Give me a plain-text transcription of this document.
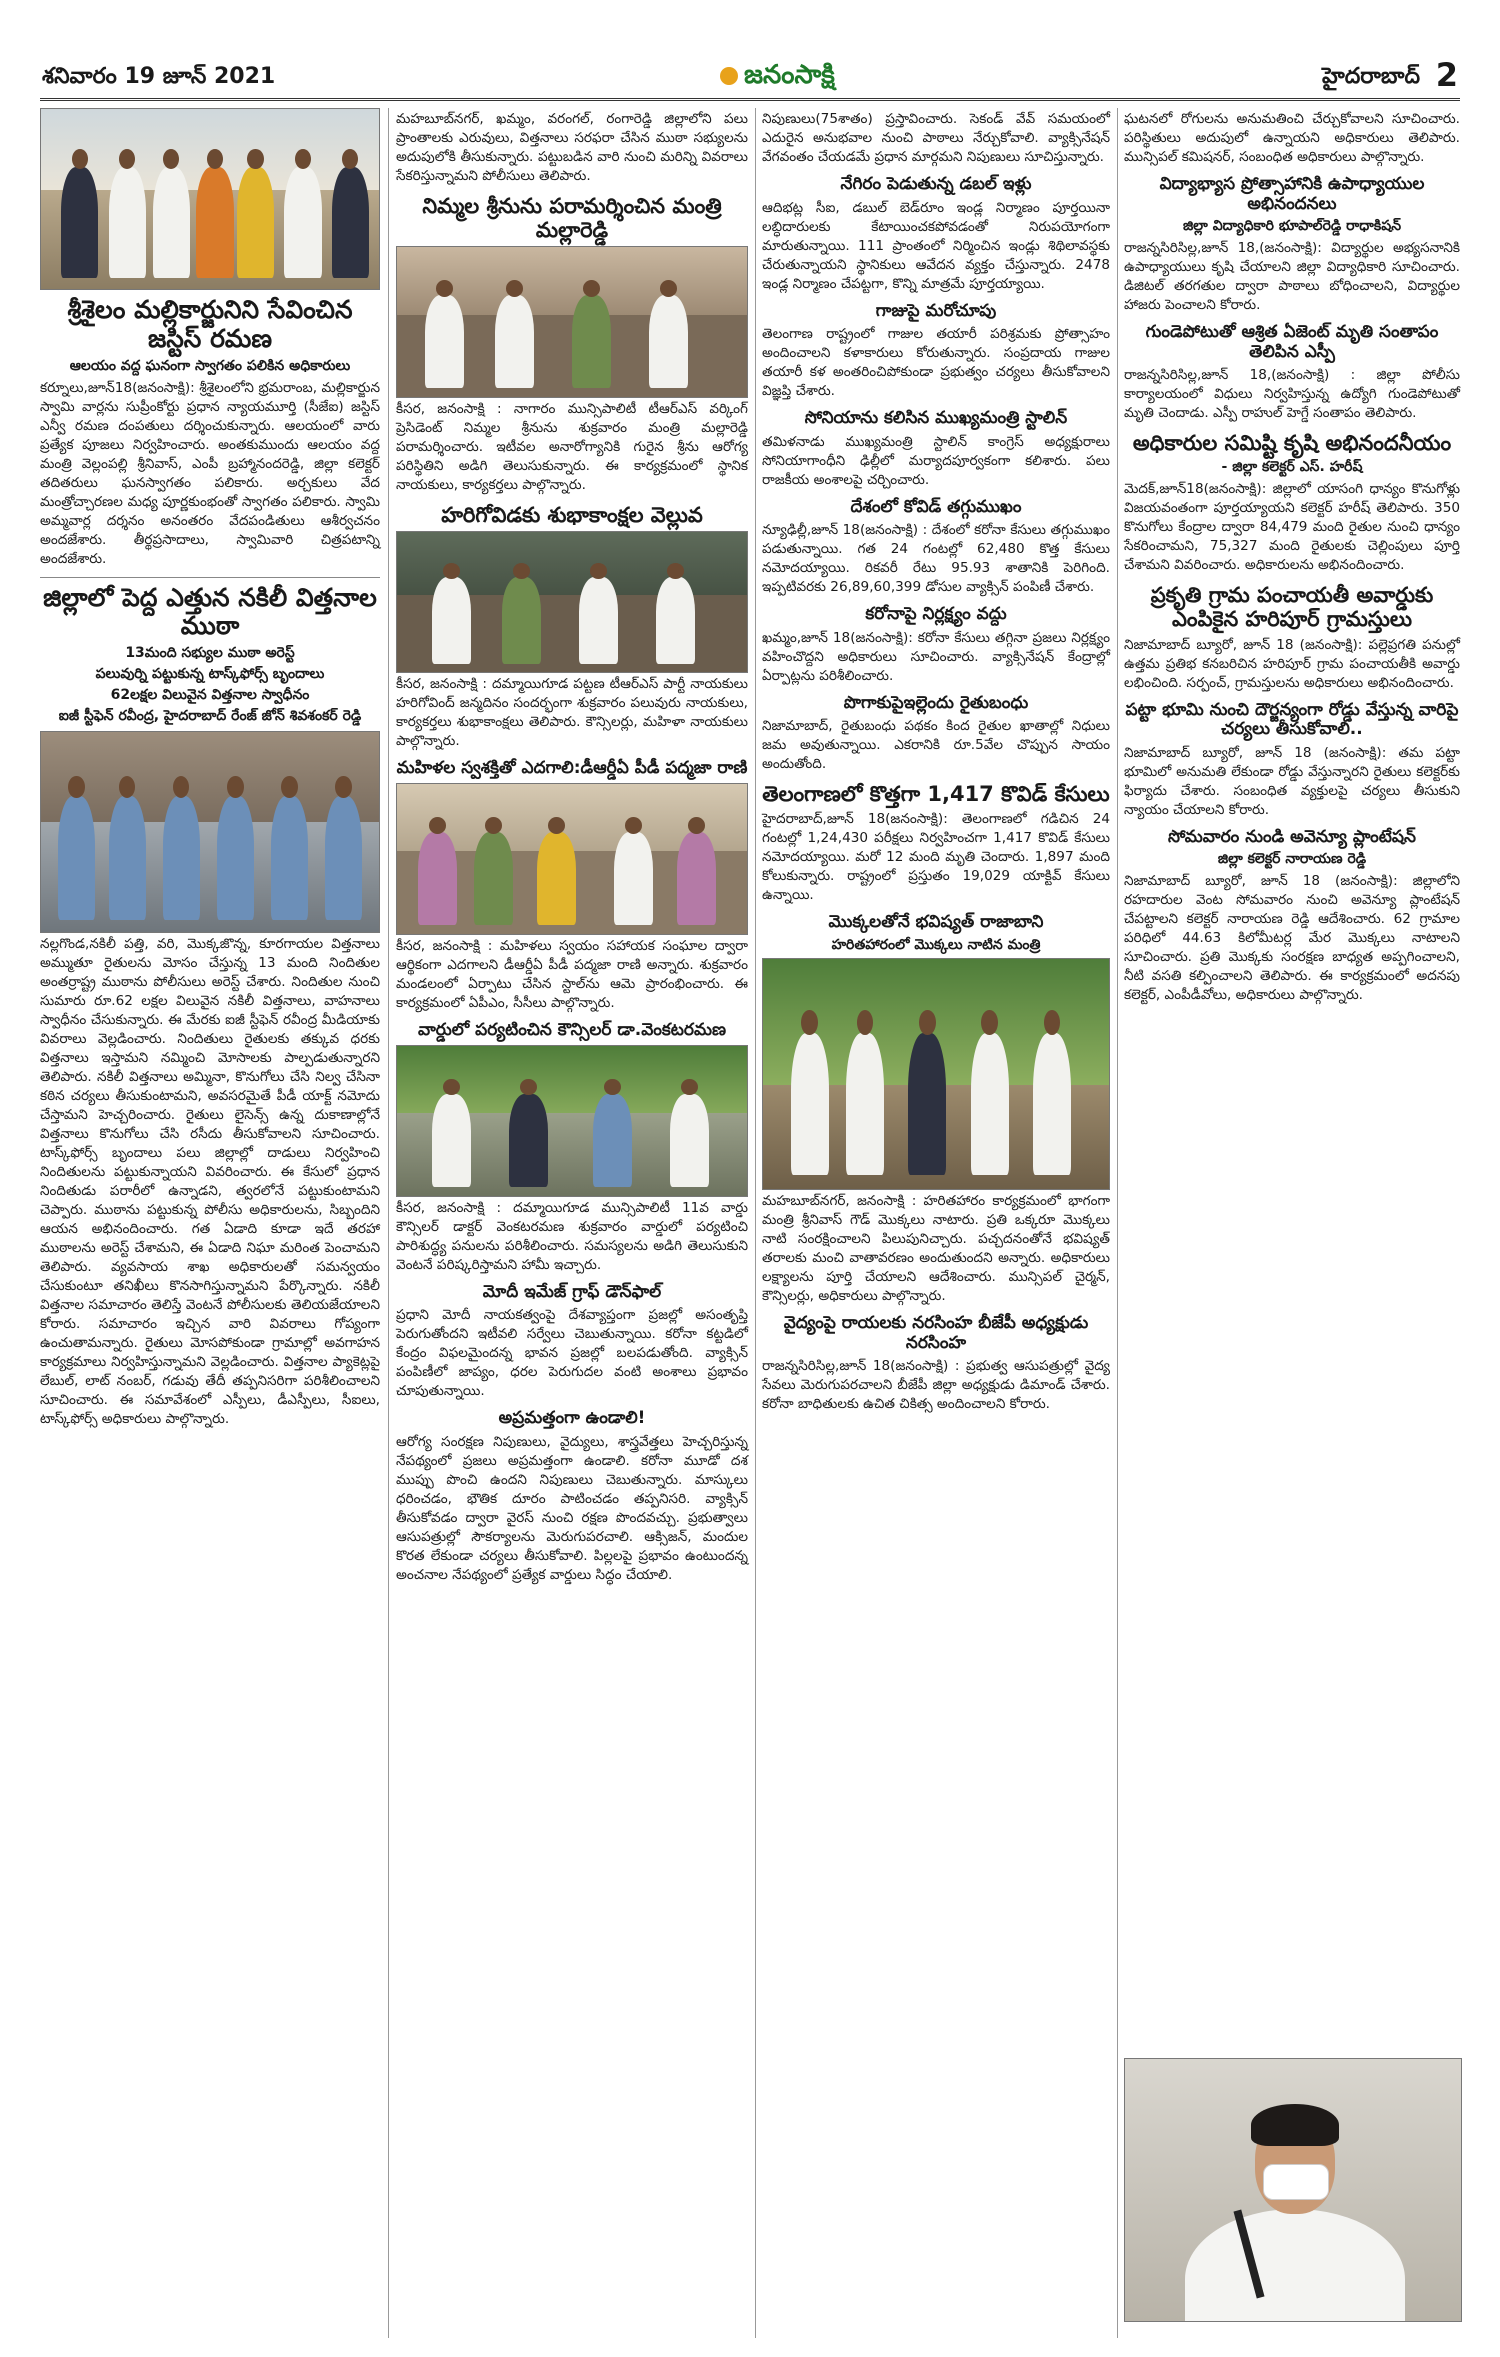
శనివారం 19 జూన్ 2021	జనంసాక్షి	హైదరాబాద్ 2
శ్రీశైలం మల్లికార్జునిని సేవించిన జస్టిస్‌ రమణ
ఆలయం వద్ద ఘనంగా స్వాగతం పలికిన అధికారులు
కర్నూలు,జూన్‌18(జనంసాక్షి): శ్రీశైలంలోని భ్రమరాంబ, మల్లికార్జున స్వామి వార్లను సుప్రీంకోర్టు ప్రధాన న్యాయమూర్తి (సీజేఐ) జస్టిస్‌ ఎన్వీ రమణ దంపతులు దర్శించుకున్నారు. ఆలయంలో వారు ప్రత్యేక పూజలు నిర్వహించారు. అంతకుముందు ఆలయం వద్ద మంత్రి వెల్లంపల్లి శ్రీనివాస్‌, ఎంపీ బ్రహ్మానందరెడ్డి, జిల్లా కలెక్టర్‌ తదితరులు ఘనస్వాగతం పలికారు. అర్చకులు వేద మంత్రోచ్చారణల మధ్య పూర్ణకుంభంతో స్వాగతం పలికారు. స్వామి అమ్మవార్ల దర్శనం అనంతరం వేదపండితులు ఆశీర్వచనం అందజేశారు. తీర్థప్రసాదాలు, స్వామివారి చిత్రపటాన్ని అందజేశారు.
జిల్లాలో పెద్ద ఎత్తున నకిలీ విత్తనాల ముఠా
13మంది సభ్యుల ముఠా అరెస్ట్‌
పలువుర్ని పట్టుకున్న టాస్క్‌ఫోర్స్‌ బృందాలు
62లక్షల విలువైన విత్తనాల స్వాధీనం
ఐజీ స్టీఫెన్‌ రవీంద్ర, హైదరాబాద్‌ రేంజ్‌ జోన్‌ శివశంకర్‌ రెడ్డి
నల్లగొండ,నకిలీ పత్తి, వరి, మొక్కజొన్న, కూరగాయల విత్తనాలు అమ్ముతూ రైతులను మోసం చేస్తున్న 13 మంది నిందితుల అంతర్రాష్ట్ర ముఠాను పోలీసులు అరెస్ట్‌ చేశారు. నిందితుల నుంచి సుమారు రూ.62 లక్షల విలువైన నకిలీ విత్తనాలు, వాహనాలు స్వాధీనం చేసుకున్నారు. ఈ మేరకు ఐజీ స్టీఫెన్‌ రవీంద్ర మీడియాకు వివరాలు వెల్లడించారు. నిందితులు రైతులకు తక్కువ ధరకు విత్తనాలు ఇస్తామని నమ్మించి మోసాలకు పాల్పడుతున్నారని తెలిపారు. నకిలీ విత్తనాలు అమ్మినా, కొనుగోలు చేసి నిల్వ చేసినా కఠిన చర్యలు తీసుకుంటామని, అవసరమైతే పీడీ యాక్ట్‌ నమోదు చేస్తామని హెచ్చరించారు. రైతులు లైసెన్స్‌ ఉన్న దుకాణాల్లోనే విత్తనాలు కొనుగోలు చేసి రసీదు తీసుకోవాలని సూచించారు. టాస్క్‌ఫోర్స్‌ బృందాలు పలు జిల్లాల్లో దాడులు నిర్వహించి నిందితులను పట్టుకున్నాయని వివరించారు. ఈ కేసులో ప్రధాన నిందితుడు పరారీలో ఉన్నాడని, త్వరలోనే పట్టుకుంటామని చెప్పారు. ముఠాను పట్టుకున్న పోలీసు అధికారులను, సిబ్బందిని ఆయన అభినందించారు. గత ఏడాది కూడా ఇదే తరహా ముఠాలను అరెస్ట్‌ చేశామని, ఈ ఏడాది నిఘా మరింత పెంచామని తెలిపారు. వ్యవసాయ శాఖ అధికారులతో సమన్వయం చేసుకుంటూ తనిఖీలు కొనసాగిస్తున్నామని పేర్కొన్నారు. నకిలీ విత్తనాల సమాచారం తెలిస్తే వెంటనే పోలీసులకు తెలియజేయాలని కోరారు. సమాచారం ఇచ్చిన వారి వివరాలు గోప్యంగా ఉంచుతామన్నారు. రైతులు మోసపోకుండా గ్రామాల్లో అవగాహన కార్యక్రమాలు నిర్వహిస్తున్నామని వెల్లడించారు. విత్తనాల ప్యాకెట్లపై లేబుల్‌, లాట్‌ నంబర్‌, గడువు తేదీ తప్పనిసరిగా పరిశీలించాలని సూచించారు. ఈ సమావేశంలో ఎస్పీలు, డీఎస్పీలు, సీఐలు, టాస్క్‌ఫోర్స్‌ అధికారులు పాల్గొన్నారు.
మహబూబ్‌నగర్‌, ఖమ్మం, వరంగల్‌, రంగారెడ్డి జిల్లాలోని పలు ప్రాంతాలకు ఎరువులు, విత్తనాలు సరఫరా చేసిన ముఠా సభ్యులను అదుపులోకి తీసుకున్నారు. పట్టుబడిన వారి నుంచి మరిన్ని వివరాలు సేకరిస్తున్నామని పోలీసులు తెలిపారు.
నిమ్మల శ్రీనును పరామర్శించిన మంత్రి మల్లారెడ్డి
కీసర, జనంసాక్షి : నాగారం మున్సిపాలిటీ టీఆర్‌ఎస్‌ వర్కింగ్‌ ప్రెసిడెంట్‌ నిమ్మల శ్రీనును శుక్రవారం మంత్రి మల్లారెడ్డి పరామర్శించారు. ఇటీవల అనారోగ్యానికి గురైన శ్రీను ఆరోగ్య పరిస్థితిని అడిగి తెలుసుకున్నారు. ఈ కార్యక్రమంలో స్థానిక నాయకులు, కార్యకర్తలు పాల్గొన్నారు.
హరిగోవిడకు శుభాకాంక్షల వెల్లువ
కీసర, జనంసాక్షి : దమ్మాయిగూడ పట్టణ టీఆర్‌ఎస్‌ పార్టీ నాయకులు హరిగోవింద్‌ జన్మదినం సందర్భంగా శుక్రవారం పలువురు నాయకులు, కార్యకర్తలు శుభాకాంక్షలు తెలిపారు. కౌన్సిలర్లు, మహిళా నాయకులు పాల్గొన్నారు.
మహిళల స్వశక్తితో ఎదగాలి:డీఆర్డీఏ పీడీ పద్మజా రాణి
కీసర, జనంసాక్షి : మహిళలు స్వయం సహాయక సంఘాల ద్వారా ఆర్థికంగా ఎదగాలని డీఆర్డీఏ పీడీ పద్మజా రాణి అన్నారు. శుక్రవారం మండలంలో ఏర్పాటు చేసిన స్టాల్‌ను ఆమె ప్రారంభించారు. ఈ కార్యక్రమంలో ఏపీఎం, సీసీలు పాల్గొన్నారు.
వార్డులో పర్యటించిన కౌన్సిలర్‌ డా.వెంకటరమణ
కీసర, జనంసాక్షి : దమ్మాయిగూడ మున్సిపాలిటీ 11వ వార్డు కౌన్సిలర్‌ డాక్టర్‌ వెంకటరమణ శుక్రవారం వార్డులో పర్యటించి పారిశుద్ధ్య పనులను పరిశీలించారు. సమస్యలను అడిగి తెలుసుకుని వెంటనే పరిష్కరిస్తామని హామీ ఇచ్చారు.
మోదీ ఇమేజ్‌ గ్రాఫ్‌ డౌన్‌ఫాల్‌
ప్రధాని మోదీ నాయకత్వంపై దేశవ్యాప్తంగా ప్రజల్లో అసంతృప్తి పెరుగుతోందని ఇటీవలి సర్వేలు చెబుతున్నాయి. కరోనా కట్టడిలో కేంద్రం విఫలమైందన్న భావన ప్రజల్లో బలపడుతోంది. వ్యాక్సిన్‌ పంపిణీలో జాప్యం, ధరల పెరుగుదల వంటి అంశాలు ప్రభావం చూపుతున్నాయి.
అప్రమత్తంగా ఉండాలి!
ఆరోగ్య సంరక్షణ నిపుణులు, వైద్యులు, శాస్త్రవేత్తలు హెచ్చరిస్తున్న నేపథ్యంలో ప్రజలు అప్రమత్తంగా ఉండాలి. కరోనా మూడో దశ ముప్పు పొంచి ఉందని నిపుణులు చెబుతున్నారు. మాస్కులు ధరించడం, భౌతిక దూరం పాటించడం తప్పనిసరి. వ్యాక్సిన్‌ తీసుకోవడం ద్వారా వైరస్‌ నుంచి రక్షణ పొందవచ్చు. ప్రభుత్వాలు ఆసుపత్రుల్లో సౌకర్యాలను మెరుగుపరచాలి. ఆక్సిజన్‌, మందుల కొరత లేకుండా చర్యలు తీసుకోవాలి. పిల్లలపై ప్రభావం ఉంటుందన్న అంచనాల నేపథ్యంలో ప్రత్యేక వార్డులు సిద్ధం చేయాలి.
నిపుణులు(75శాతం) ప్రస్తావించారు. సెకండ్‌ వేవ్‌ సమయంలో ఎదురైన అనుభవాల నుంచి పాఠాలు నేర్చుకోవాలి. వ్యాక్సినేషన్‌ వేగవంతం చేయడమే ప్రధాన మార్గమని నిపుణులు సూచిస్తున్నారు.
నేగిరం పెడుతున్న డబల్‌ ఇళ్లు
ఆదిభట్ల సీఐ, డబుల్‌ బెడ్‌రూం ఇండ్ల నిర్మాణం పూర్తయినా లబ్ధిదారులకు కేటాయించకపోవడంతో నిరుపయోగంగా మారుతున్నాయి. 111 ప్రాంతంలో నిర్మించిన ఇండ్లు శిథిలావస్థకు చేరుతున్నాయని స్థానికులు ఆవేదన వ్యక్తం చేస్తున్నారు. 2478 ఇండ్ల నిర్మాణం చేపట్టగా, కొన్ని మాత్రమే పూర్తయ్యాయి.
గాజుపై మరోచూపు
తెలంగాణ రాష్ట్రంలో గాజుల తయారీ పరిశ్రమకు ప్రోత్సాహం అందించాలని కళాకారులు కోరుతున్నారు. సంప్రదాయ గాజుల తయారీ కళ అంతరించిపోకుండా ప్రభుత్వం చర్యలు తీసుకోవాలని విజ్ఞప్తి చేశారు.
సోనియాను కలిసిన ముఖ్యమంత్రి స్టాలిన్‌
తమిళనాడు ముఖ్యమంత్రి స్టాలిన్‌ కాంగ్రెస్‌ అధ్యక్షురాలు సోనియాగాంధీని ఢిల్లీలో మర్యాదపూర్వకంగా కలిశారు. పలు రాజకీయ అంశాలపై చర్చించారు.
దేశంలో కోవిడ్‌ తగ్గుముఖం
న్యూఢిల్లీ,జూన్‌ 18(జనంసాక్షి) : దేశంలో కరోనా కేసులు తగ్గుముఖం పడుతున్నాయి. గత 24 గంటల్లో 62,480 కొత్త కేసులు నమోదయ్యాయి. రికవరీ రేటు 95.93 శాతానికి పెరిగింది. ఇప్పటివరకు 26,89,60,399 డోసుల వ్యాక్సిన్‌ పంపిణీ చేశారు.
కరోనాపై నిర్లక్ష్యం వద్దు
ఖమ్మం,జూన్‌ 18(జనంసాక్షి): కరోనా కేసులు తగ్గినా ప్రజలు నిర్లక్ష్యం వహించొద్దని అధికారులు సూచించారు. వ్యాక్సినేషన్‌ కేంద్రాల్లో ఏర్పాట్లను పరిశీలించారు.
పొగాకుపైఇల్లెందు రైతుబంధు
నిజామాబాద్‌, రైతుబంధు పథకం కింద రైతుల ఖాతాల్లో నిధులు జమ అవుతున్నాయి. ఎకరానికి రూ.5వేల చొప్పున సాయం అందుతోంది.
తెలంగాణలో కొత్తగా 1,417 కొవిడ్‌ కేసులు
హైదరాబాద్‌,జూన్‌ 18(జనంసాక్షి): తెలంగాణలో గడిచిన 24 గంటల్లో 1,24,430 పరీక్షలు నిర్వహించగా 1,417 కొవిడ్‌ కేసులు నమోదయ్యాయి. మరో 12 మంది మృతి చెందారు. 1,897 మంది కోలుకున్నారు. రాష్ట్రంలో ప్రస్తుతం 19,029 యాక్టివ్‌ కేసులు ఉన్నాయి.
మొక్కలతోనే భవిష్యత్‌ రాజాబాని
హరితహారంలో మొక్కలు నాటిన మంత్రి
మహబూబ్‌నగర్‌, జనంసాక్షి : హరితహారం కార్యక్రమంలో భాగంగా మంత్రి శ్రీనివాస్‌ గౌడ్‌ మొక్కలు నాటారు. ప్రతి ఒక్కరూ మొక్కలు నాటి సంరక్షించాలని పిలుపునిచ్చారు. పచ్చదనంతోనే భవిష్యత్‌ తరాలకు మంచి వాతావరణం అందుతుందని అన్నారు. అధికారులు లక్ష్యాలను పూర్తి చేయాలని ఆదేశించారు. మున్సిపల్‌ చైర్మన్‌, కౌన్సిలర్లు, అధికారులు పాల్గొన్నారు.
వైద్యంపై రాయలకు నరసింహ బీజేపీ అధ్యక్షుడు నరసింహ
రాజన్నసిరిసిల్ల,జూన్‌ 18(జనంసాక్షి) : ప్రభుత్వ ఆసుపత్రుల్లో వైద్య సేవలు మెరుగుపరచాలని బీజేపీ జిల్లా అధ్యక్షుడు డిమాండ్‌ చేశారు. కరోనా బాధితులకు ఉచిత చికిత్స అందించాలని కోరారు.
ఘటనలో రోగులను అనుమతించి చేర్చుకోవాలని సూచించారు. పరిస్థితులు అదుపులో ఉన్నాయని అధికారులు తెలిపారు. మున్సిపల్‌ కమిషనర్‌, సంబంధిత అధికారులు పాల్గొన్నారు.
విద్యాభ్యాస ప్రోత్సాహానికి ఉపాధ్యాయుల అభినందనలు
జిల్లా విద్యాధికారి భూపాల్‌రెడ్డి రాధాకిషన్‌
రాజన్నసిరిసిల్ల,జూన్‌ 18,(జనంసాక్షి): విద్యార్థుల అభ్యసనానికి ఉపాధ్యాయులు కృషి చేయాలని జిల్లా విద్యాధికారి సూచించారు. డిజిటల్‌ తరగతుల ద్వారా పాఠాలు బోధించాలని, విద్యార్థుల హాజరు పెంచాలని కోరారు.
గుండెపోటుతో ఆశ్రిత ఏజెంట్‌ మృతి సంతాపం తెలిపిన ఎస్పీ
రాజన్నసిరిసిల్ల,జూన్‌ 18,(జనంసాక్షి) : జిల్లా పోలీసు కార్యాలయంలో విధులు నిర్వహిస్తున్న ఉద్యోగి గుండెపోటుతో మృతి చెందాడు. ఎస్పీ రాహుల్‌ హెగ్డే సంతాపం తెలిపారు.
అధికారుల సమిష్టి కృషి అభినందనీయం
- జిల్లా కలెక్టర్‌ ఎస్‌. హరీష్‌
మెదక్‌,జూన్‌18(జనంసాక్షి): జిల్లాలో యాసంగి ధాన్యం కొనుగోళ్లు విజయవంతంగా పూర్తయ్యాయని కలెక్టర్‌ హరీష్‌ తెలిపారు. 350 కొనుగోలు కేంద్రాల ద్వారా 84,479 మంది రైతుల నుంచి ధాన్యం సేకరించామని, 75,327 మంది రైతులకు చెల్లింపులు పూర్తి చేశామని వివరించారు. అధికారులను అభినందించారు.
ప్రకృతి గ్రామ పంచాయతీ అవార్డుకు ఎంపికైన హరిపూర్‌ గ్రామస్తులు
నిజామాబాద్‌ బ్యూరో, జూన్‌ 18 (జనంసాక్షి): పల్లెప్రగతి పనుల్లో ఉత్తమ ప్రతిభ కనబరిచిన హరిపూర్‌ గ్రామ పంచాయతీకి అవార్డు లభించింది. సర్పంచ్‌, గ్రామస్తులను అధికారులు అభినందించారు.
పట్టా భూమి నుంచి దౌర్జన్యంగా రోడ్డు వేస్తున్న వారిపై చర్యలు తీసుకోవాలి..
నిజామాబాద్‌ బ్యూరో, జూన్‌ 18 (జనంసాక్షి): తమ పట్టా భూమిలో అనుమతి లేకుండా రోడ్డు వేస్తున్నారని రైతులు కలెక్టర్‌కు ఫిర్యాదు చేశారు. సంబంధిత వ్యక్తులపై చర్యలు తీసుకుని న్యాయం చేయాలని కోరారు.
సోమవారం నుండి అవెన్యూ ప్లాంటేషన్‌
జిల్లా కలెక్టర్‌ నారాయణ రెడ్డి
నిజామాబాద్‌ బ్యూరో, జూన్‌ 18 (జనంసాక్షి): జిల్లాలోని రహదారుల వెంట సోమవారం నుంచి అవెన్యూ ప్లాంటేషన్‌ చేపట్టాలని కలెక్టర్‌ నారాయణ రెడ్డి ఆదేశించారు. 62 గ్రామాల పరిధిలో 44.63 కిలోమీటర్ల మేర మొక్కలు నాటాలని సూచించారు. ప్రతి మొక్కకు సంరక్షణ బాధ్యత అప్పగించాలని, నీటి వసతి కల్పించాలని తెలిపారు. ఈ కార్యక్రమంలో అదనపు కలెక్టర్‌, ఎంపీడీవోలు, అధికారులు పాల్గొన్నారు.
